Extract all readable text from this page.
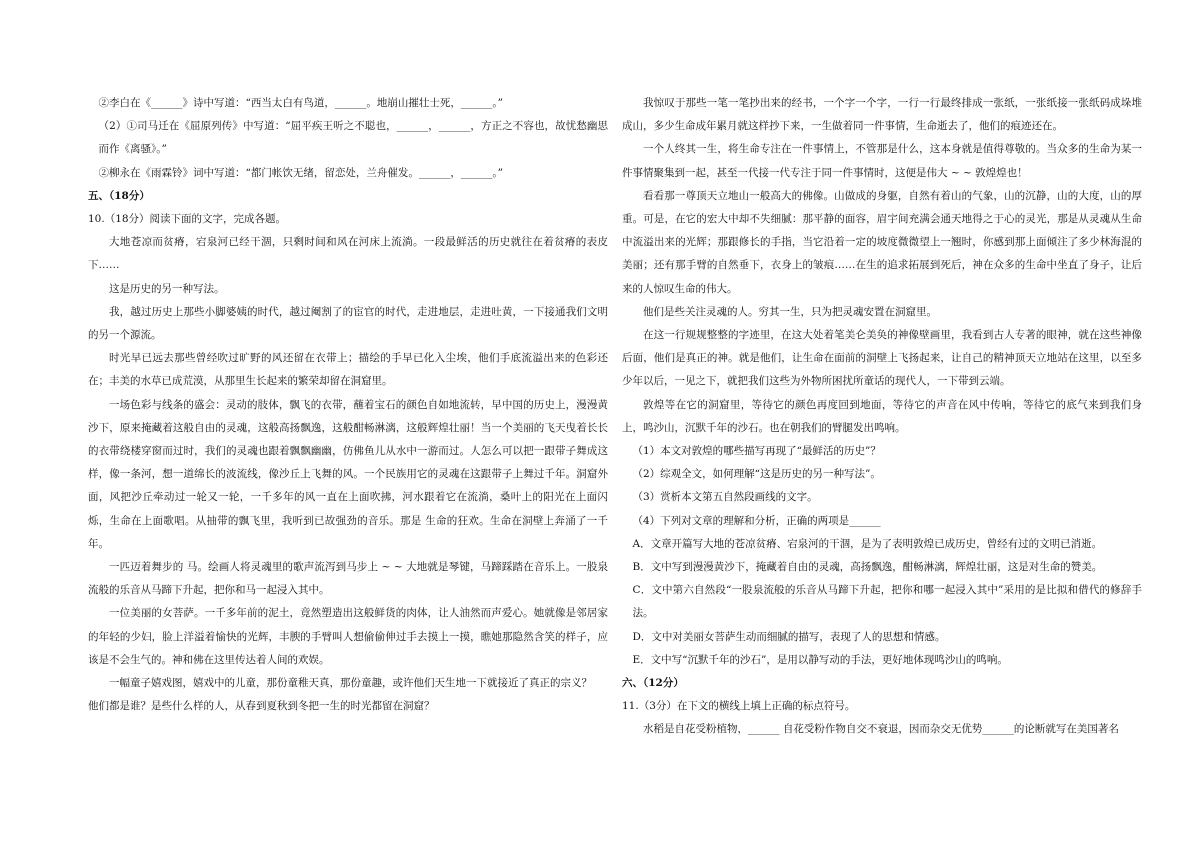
②李白在《______》诗中写道：“西当太白有鸟道，______。地崩山摧壮士死，______。”

（2）①司马迁在《屈原列传》中写道：“屈平疾王听之不聪也，______，______，方正之不容也，故忧愁幽思而作《离骚》。”

②柳永在《雨霖铃》词中写道：“都门帐饮无绪，留恋处，兰舟催发。______，______。”

五、（18分）

10.（18分）阅读下面的文字，完成各题。

大地苍凉而贫瘠，宕泉河已经干涸，只剩时间和风在河床上流淌。一段最鲜活的历史就往在着贫瘠的表皮下……

这是历史的另一种写法。

我，越过历史上那些小脚婆姨的时代，越过阉割了的宦官的时代，走进地层，走进吐黄，一下接通我们文明的另一个源流。

时光早已远去那些曾经吹过旷野的风还留在衣带上；描绘的手早已化入尘埃，他们手底流溢出来的色彩还在；丰美的水草已成荒漠，从那里生长起来的繁荣却留在洞窟里。

一场色彩与线条的盛会：灵动的肢体，飘飞的衣带，蘸着宝石的颜色自如地流转，早中国的历史上，漫漫黄沙下，原来掩藏着这般自由的灵魂，这般高扬飘逸，这般酣畅淋漓，这般辉煌壮丽！当一个美丽的飞天曳着长长的衣带绕楼穿窗而过时，我们的灵魂也跟着飘飘幽幽，仿佛鱼儿从水中一游而过。人怎么可以把一跟带子舞成这样，像一条河，想一道绵长的波流线，像沙丘上飞舞的风。一个民族用它的灵魂在这跟带子上舞过千年。洞窟外面，风把沙丘牵动过一轮又一轮，一千多年的风一直在上面吹拂，河水跟着它在流淌，桑叶上的阳光在上面闪烁，生命在上面歌唱。从抽带的飘飞里，我听到已故强劲的音乐。那是 生命的狂欢。生命在洞壁上奔涌了一千年。

一匹迈着舞步的 马。绘画人将灵魂里的歌声流泻到马步上 ~ ~ 大地就是琴键，马蹄踩踏在音乐上。一股泉流般的乐音从马蹄下升起，把你和马一起浸入其中。

一位美丽的女菩萨。一千多年前的泥土，竟然塑造出这般鲜货的肉体，让人油然而声爱心。她就像是邻居家的年轻的少妇，脸上洋溢着愉快的光辉，丰腴的手臂叫人想偷偷伸过手去摸上一摸，瞧她那隐然含笑的样子，应该是不会生气的。神和佛在这里传达着人间的欢娱。

一幅童子嬉戏图，嬉戏中的儿童，那份童稚天真，那份童趣，或许他们天生地一下就接近了真正的宗义？

他们都是谁？是些什么样的人，从春到夏秋到冬把一生的时光都留在洞窟？

我惊叹于那些一笔一笔抄出来的经书，一个字一个字，一行一行最终排成一张纸，一张纸接一张纸码成垛堆成山，多少生命成年累月就这样抄下来，一生做着同一件事情，生命逝去了，他们的痕迹还在。

一个人终其一生，将生命专注在一件事情上，不管那是什么，这本身就是值得尊敬的。当众多的生命为某一件事情聚集到一起，甚至一代接一代专注于同一件事情时，这便是伟大 ~ ~ 敦煌煌也！

看看那一尊顶天立地山一般高大的佛像。山做成的身躯，自然有着山的气象，山的沉静，山的大度，山的厚重。可是，在它的宏大中却不失细腻：那平静的面容，眉宇间充满会通天地得之于心的灵光，那是从灵魂从生命中流溢出来的光辉；那跟修长的手指，当它沿着一定的坡度微微望上一翘时，你感到那上面倾注了多少林海混的美丽；还有那手臂的自然垂下，衣身上的皱痕……在生的追求拓展到死后，神在众多的生命中坐直了身子，让后来的人惊叹生命的伟大。

他们是些关注灵魂的人。穷其一生，只为把灵魂安置在洞窟里。

在这一行规规整整的字迹里，在这大处着笔美仑美奂的神像壁画里，我看到古人专著的眼神，就在这些神像后面，他们是真正的神。就是他们，让生命在面前的洞壁上飞扬起来，让自己的精神顶天立地站在这里，以至多少年以后，一见之下，就把我们这些为外物所困扰所童话的现代人，一下带到云端。

敦煌等在它的洞窟里，等待它的颜色再度回到地面，等待它的声音在风中传响，等待它的底气来到我们身上，鸣沙山，沉默千年的沙石。也在朝我们的臂腿发出鸣响。

（1）本文对敦煌的哪些描写再现了“最鲜活的历史”？

（2）综观全文，如何理解“这是历史的另一种写法”。

（3）赏析本文第五自然段画线的文字。

（4）下列对文章的理解和分析，正确的两项是______

A．文章开篇写大地的苍凉贫瘠、宕泉河的干涸，是为了表明敦煌已成历史，曾经有过的文明已消逝。

B．文中写到漫漫黄沙下，掩藏着自由的灵魂，高扬飘逸，酣畅淋漓，辉煌壮丽，这是对生命的赞美。

C．文中第六自然段“一股泉流般的乐音从马蹄下升起，把你和哪一起浸入其中”采用的是比拟和借代的修辞手法。

D．文中对美丽女菩萨生动而细腻的描写，表现了人的思想和情感。

E．文中写“沉默千年的沙石”，是用以静写动的手法，更好地体现鸣沙山的鸣响。

六、（12分）

11.（3分）在下文的横线上填上正确的标点符号。

水稻是自花受粉植物，______ 自花受粉作物自交不衰退，因而杂交无优势______的论断就写在美国著名
